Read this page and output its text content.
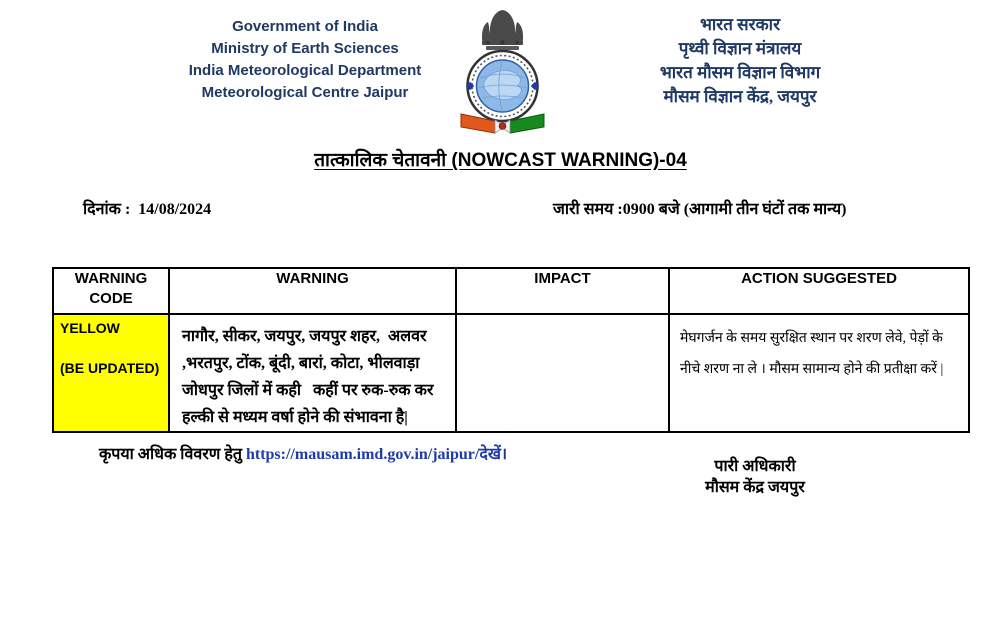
Government of India
Ministry of Earth Sciences
India Meteorological Department
Meteorological Centre Jaipur
भारत सरकार
पृथ्वी विज्ञान मंत्रालय
भारत मौसम विज्ञान विभाग
मौसम विज्ञान केंद्र, जयपुर
तात्कालिक चेतावनी (NOWCAST WARNING)-04
दिनांक :  14/08/2024	जारी समय :0900 बजे (आगामी तीन घंटों तक मान्य)
WARNING CODE	WARNING	IMPACT	ACTION SUGGESTED

YELLOW
(BE UPDATED)	नागौर, सीकर, जयपुर, जयपुर शहर,  अलवर ,भरतपुर, टोंक, बूंदी, बारां, कोटा, भीलवाड़ा जोधपुर जिलों में कही   कहीं पर रुक-रुक कर हल्की से मध्यम वर्षा होने की संभावना है|		मेघगर्जन के समय सुरक्षित स्थान पर शरण लेवे, पेड़ों के नीचे शरण ना ले । मौसम सामान्य होने की प्रतीक्षा करें |

कृपया अधिक विवरण हेतु https://mausam.imd.gov.in/jaipur/देखें।

पारी अधिकारी
मौसम केंद्र जयपुर
